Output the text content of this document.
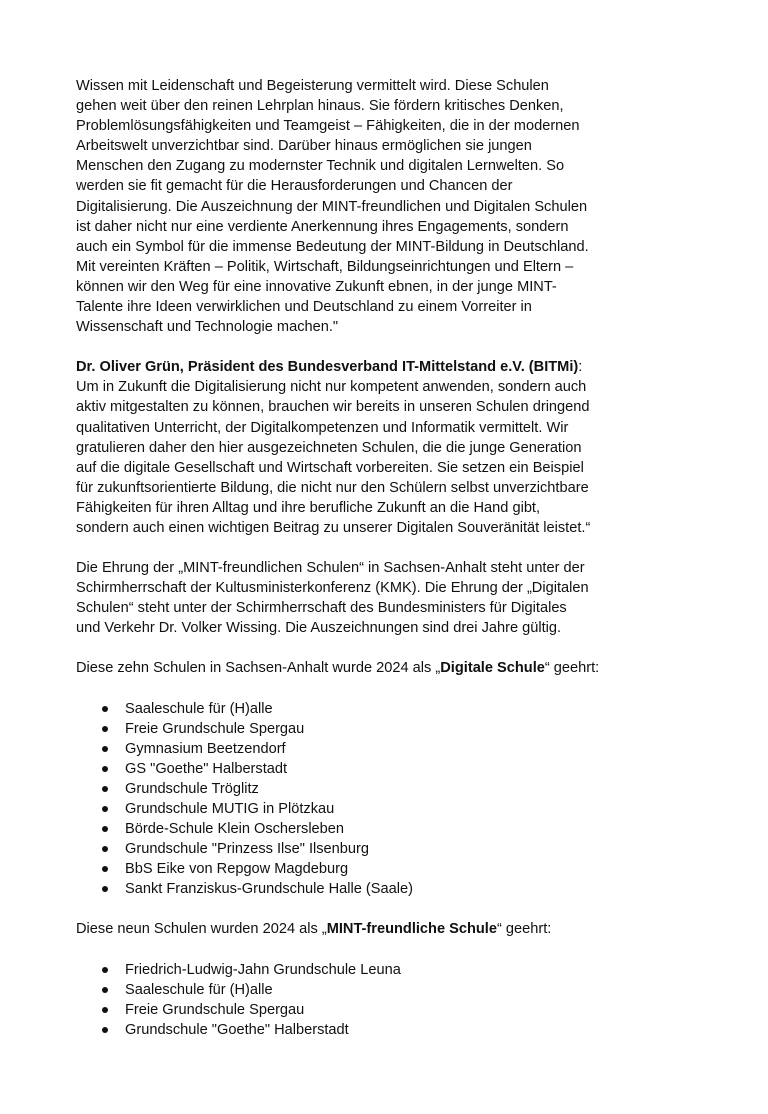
Wissen mit Leidenschaft und Begeisterung vermittelt wird. Diese Schulen
gehen weit über den reinen Lehrplan hinaus. Sie fördern kritisches Denken,
Problemlösungsfähigkeiten und Teamgeist – Fähigkeiten, die in der modernen
Arbeitswelt unverzichtbar sind. Darüber hinaus ermöglichen sie jungen
Menschen den Zugang zu modernster Technik und digitalen Lernwelten. So
werden sie fit gemacht für die Herausforderungen und Chancen der
Digitalisierung. Die Auszeichnung der MINT-freundlichen und Digitalen Schulen
ist daher nicht nur eine verdiente Anerkennung ihres Engagements, sondern
auch ein Symbol für die immense Bedeutung der MINT-Bildung in Deutschland.
Mit vereinten Kräften – Politik, Wirtschaft, Bildungseinrichtungen und Eltern –
können wir den Weg für eine innovative Zukunft ebnen, in der junge MINT-
Talente ihre Ideen verwirklichen und Deutschland zu einem Vorreiter in
Wissenschaft und Technologie machen."

Dr. Oliver Grün, Präsident des Bundesverband IT-Mittelstand e.V. (BITMi):
Um in Zukunft die Digitalisierung nicht nur kompetent anwenden, sondern auch
aktiv mitgestalten zu können, brauchen wir bereits in unseren Schulen dringend
qualitativen Unterricht, der Digitalkompetenzen und Informatik vermittelt. Wir
gratulieren daher den hier ausgezeichneten Schulen, die die junge Generation
auf die digitale Gesellschaft und Wirtschaft vorbereiten. Sie setzen ein Beispiel
für zukunftsorientierte Bildung, die nicht nur den Schülern selbst unverzichtbare
Fähigkeiten für ihren Alltag und ihre berufliche Zukunft an die Hand gibt,
sondern auch einen wichtigen Beitrag zu unserer Digitalen Souveränität leistet.“

Die Ehrung der „MINT-freundlichen Schulen“ in Sachsen-Anhalt steht unter der
Schirmherrschaft der Kultusministerkonferenz (KMK). Die Ehrung der „Digitalen
Schulen“ steht unter der Schirmherrschaft des Bundesministers für Digitales
und Verkehr Dr. Volker Wissing. Die Auszeichnungen sind drei Jahre gültig.

Diese zehn Schulen in Sachsen-Anhalt wurde 2024 als „Digitale Schule“ geehrt:

Saaleschule für (H)alle
Freie Grundschule Spergau
Gymnasium Beetzendorf
GS "Goethe" Halberstadt
Grundschule Tröglitz
Grundschule MUTIG in Plötzkau
Börde-Schule Klein Oschersleben
Grundschule "Prinzess Ilse" Ilsenburg
BbS Eike von Repgow Magdeburg
Sankt Franziskus-Grundschule Halle (Saale)

Diese neun Schulen wurden 2024 als „MINT-freundliche Schule“ geehrt:

Friedrich-Ludwig-Jahn Grundschule Leuna
Saaleschule für (H)alle
Freie Grundschule Spergau
Grundschule "Goethe" Halberstadt
